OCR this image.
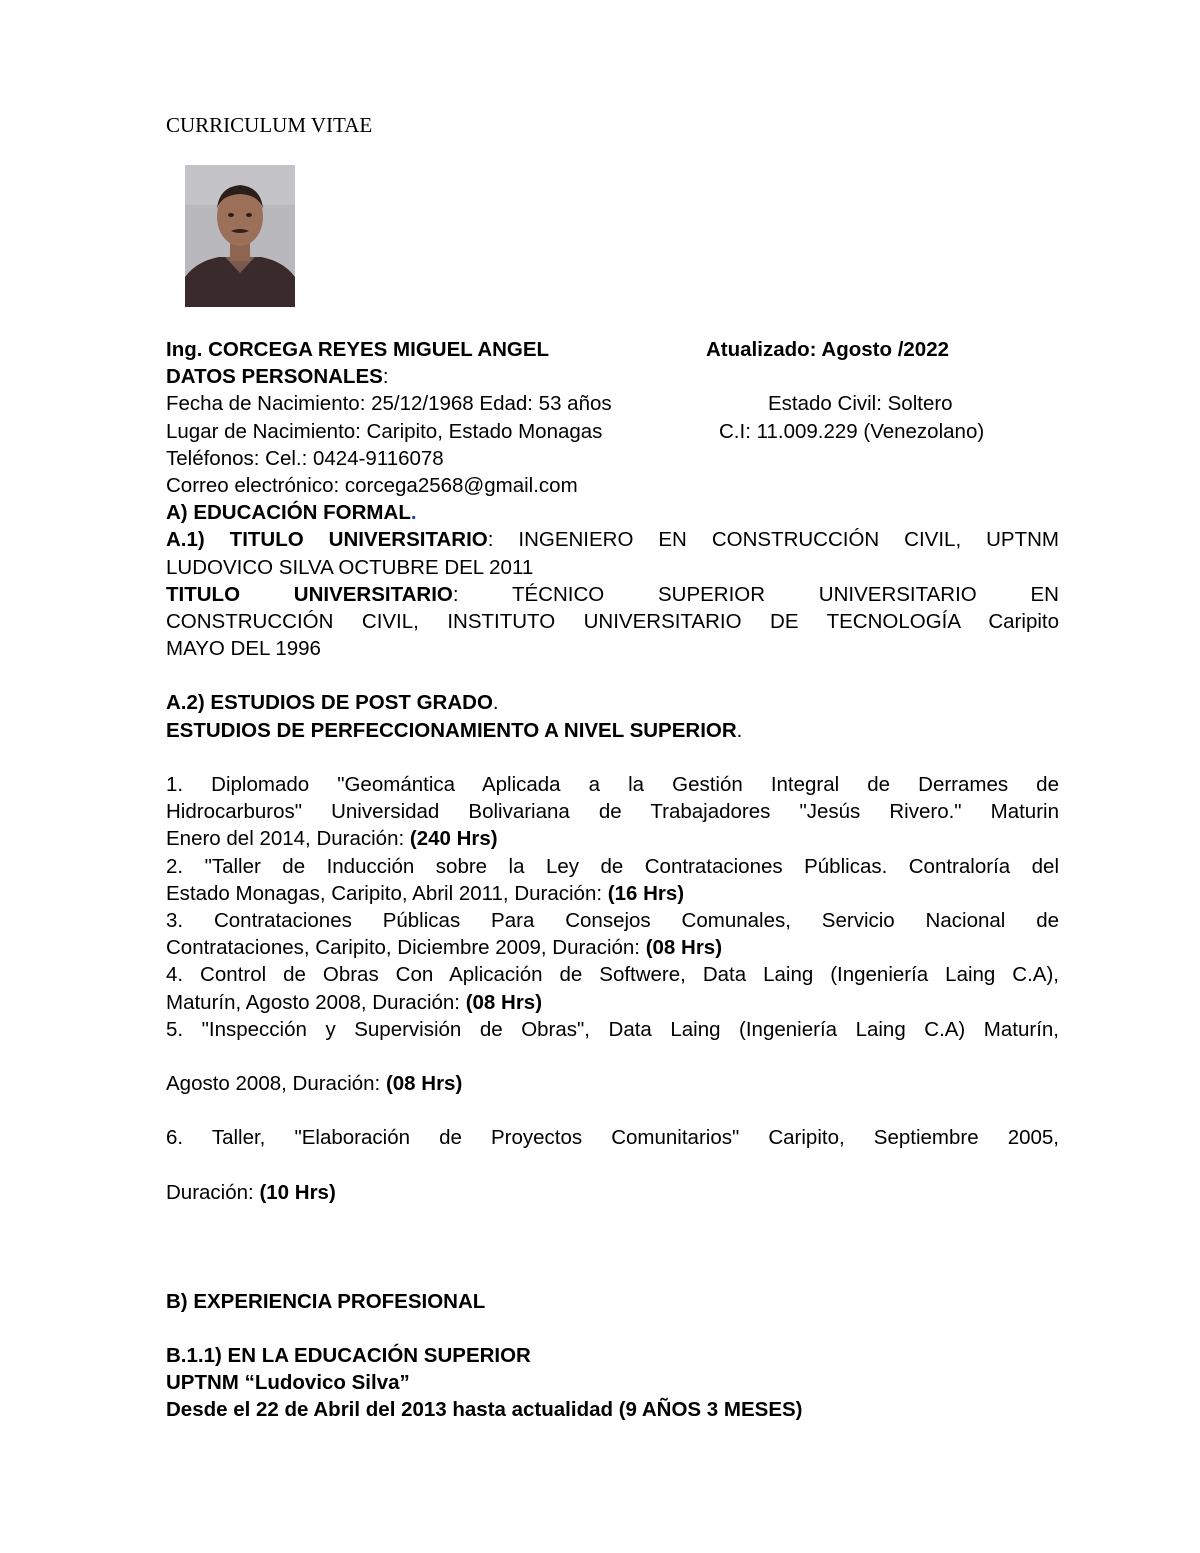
CURRICULUM VITAE
Ing. CORCEGA REYES MIGUEL ANGEL	Atualizado: Agosto /2022
DATOS PERSONALES:
Fecha de Nacimiento: 25/12/1968 Edad: 53 años	Estado Civil: Soltero
Lugar de Nacimiento: Caripito, Estado Monagas	C.I: 11.009.229 (Venezolano)
Teléfonos: Cel.: 0424-9116078
Correo electrónico: corcega2568@gmail.com
A) EDUCACIÓN FORMAL.
A.1) TITULO UNIVERSITARIO: INGENIERO EN CONSTRUCCIÓN CIVIL, UPTNM
LUDOVICO SILVA OCTUBRE DEL 2011
TITULO UNIVERSITARIO: TÉCNICO SUPERIOR UNIVERSITARIO EN
CONSTRUCCIÓN CIVIL, INSTITUTO UNIVERSITARIO DE TECNOLOGÍA Caripito
MAYO DEL 1996
A.2) ESTUDIOS DE POST GRADO.
ESTUDIOS DE PERFECCIONAMIENTO A NIVEL SUPERIOR.
1. Diplomado "Geomántica Aplicada a la Gestión Integral de Derrames de
Hidrocarburos" Universidad Bolivariana de Trabajadores "Jesús Rivero." Maturin
Enero del 2014, Duración: (240 Hrs)
2. "Taller de Inducción sobre la Ley de Contrataciones Públicas. Contraloría del
Estado Monagas, Caripito, Abril 2011, Duración: (16 Hrs)
3. Contrataciones Públicas Para Consejos Comunales, Servicio Nacional de
Contrataciones, Caripito, Diciembre 2009, Duración: (08 Hrs)
4. Control de Obras Con Aplicación de Softwere, Data Laing (Ingeniería Laing C.A),
Maturín, Agosto 2008, Duración: (08 Hrs)
5. "Inspección y Supervisión de Obras", Data Laing (Ingeniería Laing C.A) Maturín,
Agosto 2008, Duración: (08 Hrs)
6. Taller, "Elaboración de Proyectos Comunitarios" Caripito, Septiembre 2005,
Duración: (10 Hrs)
B) EXPERIENCIA PROFESIONAL
B.1.1) EN LA EDUCACIÓN SUPERIOR
UPTNM “Ludovico Silva”
Desde el 22 de Abril del 2013 hasta actualidad (9 AÑOS 3 MESES)
